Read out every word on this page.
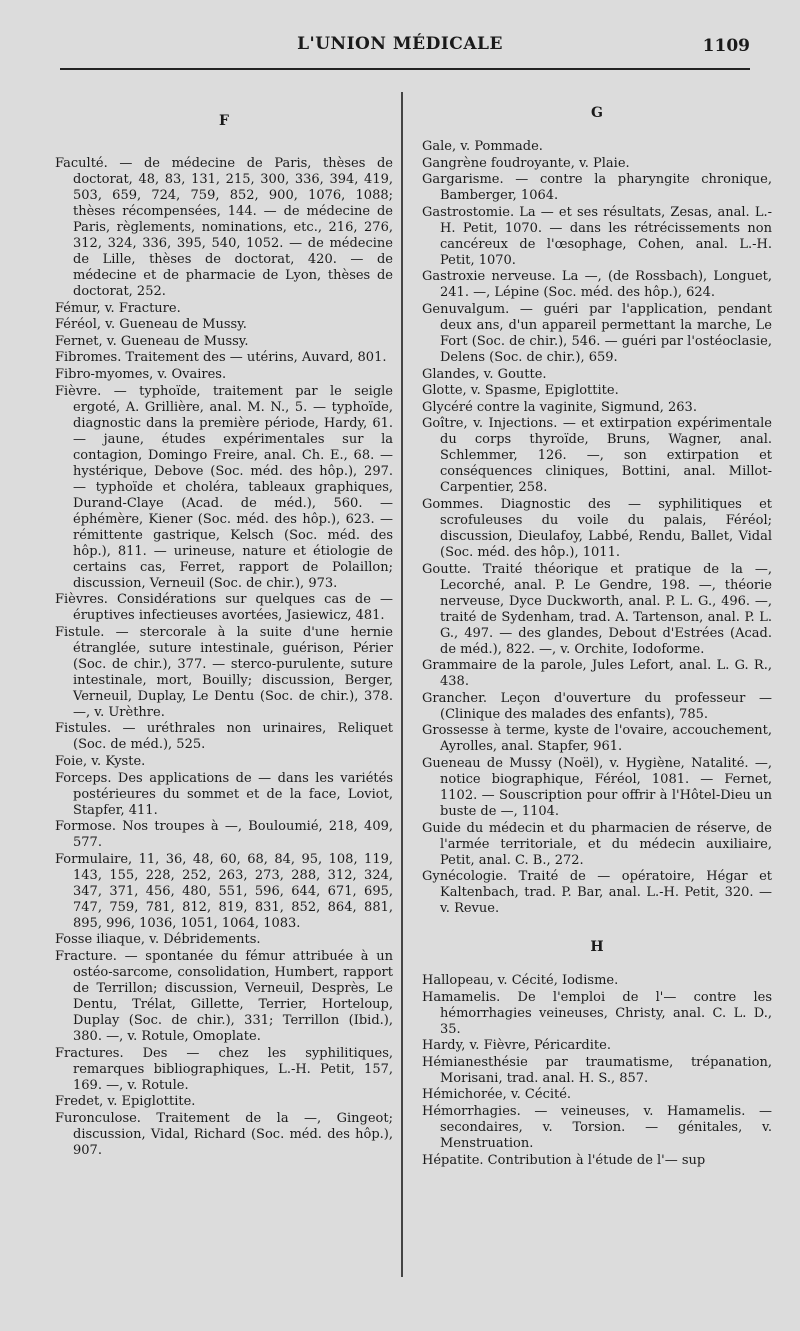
L'UNION MÉDICALE	1109
F
Faculté. — de médecine de Paris, thèses de doctorat, 48, 83, 131, 215, 300, 336, 394, 419, 503, 659, 724, 759, 852, 900, 1076, 1088; thèses récompensées, 144. — de médecine de Paris, règlements, nominations, etc., 216, 276, 312, 324, 336, 395, 540, 1052. — de médecine de Lille, thèses de doctorat, 420. — de médecine et de pharmacie de Lyon, thèses de doctorat, 252.
Fémur, v. Fracture.
Féréol, v. Gueneau de Mussy.
Fernet, v. Gueneau de Mussy.
Fibromes. Traitement des — utérins, Auvard, 801.
Fibro-myomes, v. Ovaires.
Fièvre. — typhoïde, traitement par le seigle ergoté, A. Grillière, anal. M. N., 5. — typhoïde, diagnostic dans la première période, Hardy, 61. — jaune, études expérimentales sur la contagion, Domingo Freire, anal. Ch. E., 68. — hystérique, Debove (Soc. méd. des hôp.), 297. — typhoïde et choléra, tableaux graphiques, Durand-Claye (Acad. de méd.), 560. — éphémère, Kiener (Soc. méd. des hôp.), 623. — rémittente gastrique, Kelsch (Soc. méd. des hôp.), 811. — urineuse, nature et étiologie de certains cas, Ferret, rapport de Polaillon; discussion, Verneuil (Soc. de chir.), 973.
Fièvres. Considérations sur quelques cas de — éruptives infectieuses avortées, Jasiewicz, 481.
Fistule. — stercorale à la suite d'une hernie étranglée, suture intestinale, guérison, Périer (Soc. de chir.), 377. — sterco-purulente, suture intestinale, mort, Bouilly; discussion, Berger, Verneuil, Duplay, Le Dentu (Soc. de chir.), 378. —, v. Urèthre.
Fistules. — uréthrales non urinaires, Reliquet (Soc. de méd.), 525.
Foie, v. Kyste.
Forceps. Des applications de — dans les variétés postérieures du sommet et de la face, Loviot, Stapfer, 411.
Formose. Nos troupes à —, Bouloumié, 218, 409, 577.
Formulaire, 11, 36, 48, 60, 68, 84, 95, 108, 119, 143, 155, 228, 252, 263, 273, 288, 312, 324, 347, 371, 456, 480, 551, 596, 644, 671, 695, 747, 759, 781, 812, 819, 831, 852, 864, 881, 895, 996, 1036, 1051, 1064, 1083.
Fosse iliaque, v. Débridements.
Fracture. — spontanée du fémur attribuée à un ostéo-sarcome, consolidation, Humbert, rapport de Terrillon; discussion, Verneuil, Desprès, Le Dentu, Trélat, Gillette, Terrier, Horteloup, Duplay (Soc. de chir.), 331; Terrillon (Ibid.), 380. —, v. Rotule, Omoplate.
Fractures. Des — chez les syphilitiques, remarques bibliographiques, L.-H. Petit, 157, 169. —, v. Rotule.
Fredet, v. Epiglottite.
Furonculose. Traitement de la —, Gingeot; discussion, Vidal, Richard (Soc. méd. des hôp.), 907.
G
Gale, v. Pommade.
Gangrène foudroyante, v. Plaie.
Gargarisme. — contre la pharyngite chronique, Bamberger, 1064.
Gastrostomie. La — et ses résultats, Zesas, anal. L.-H. Petit, 1070. — dans les rétrécissements non cancéreux de l'œsophage, Cohen, anal. L.-H. Petit, 1070.
Gastroxie nerveuse. La —, (de Rossbach), Longuet, 241. —, Lépine (Soc. méd. des hôp.), 624.
Genuvalgum. — guéri par l'application, pendant deux ans, d'un appareil permettant la marche, Le Fort (Soc. de chir.), 546. — guéri par l'ostéoclasie, Delens (Soc. de chir.), 659.
Glandes, v. Goutte.
Glotte, v. Spasme, Epiglottite.
Glycéré contre la vaginite, Sigmund, 263.
Goître, v. Injections. — et extirpation expérimentale du corps thyroïde, Bruns, Wagner, anal. Schlemmer, 126. —, son extirpation et conséquences cliniques, Bottini, anal. Millot-Carpentier, 258.
Gommes. Diagnostic des — syphilitiques et scrofuleuses du voile du palais, Féréol; discussion, Dieulafoy, Labbé, Rendu, Ballet, Vidal (Soc. méd. des hôp.), 1011.
Goutte. Traité théorique et pratique de la —, Lecorché, anal. P. Le Gendre, 198. —, théorie nerveuse, Dyce Duckworth, anal. P. L. G., 496. —, traité de Sydenham, trad. A. Tartenson, anal. P. L. G., 497. — des glandes, Debout d'Estrées (Acad. de méd.), 822. —, v. Orchite, Iodoforme.
Grammaire de la parole, Jules Lefort, anal. L. G. R., 438.
Grancher. Leçon d'ouverture du professeur — (Clinique des malades des enfants), 785.
Grossesse à terme, kyste de l'ovaire, accouchement, Ayrolles, anal. Stapfer, 961.
Gueneau de Mussy (Noël), v. Hygiène, Natalité. —, notice biographique, Féréol, 1081. — Fernet, 1102. — Souscription pour offrir à l'Hôtel-Dieu un buste de —, 1104.
Guide du médecin et du pharmacien de réserve, de l'armée territoriale, et du médecin auxiliaire, Petit, anal. C. B., 272.
Gynécologie. Traité de — opératoire, Hégar et Kaltenbach, trad. P. Bar, anal. L.-H. Petit, 320. — v. Revue.
H
Hallopeau, v. Cécité, Iodisme.
Hamamelis. De l'emploi de l'— contre les hémorrhagies veineuses, Christy, anal. C. L. D., 35.
Hardy, v. Fièvre, Péricardite.
Hémianesthésie par traumatisme, trépanation, Morisani, trad. anal. H. S., 857.
Hémichorée, v. Cécité.
Hémorrhagies. — veineuses, v. Hamamelis. — secondaires, v. Torsion. — génitales, v. Menstruation.
Hépatite. Contribution à l'étude de l'— sup
